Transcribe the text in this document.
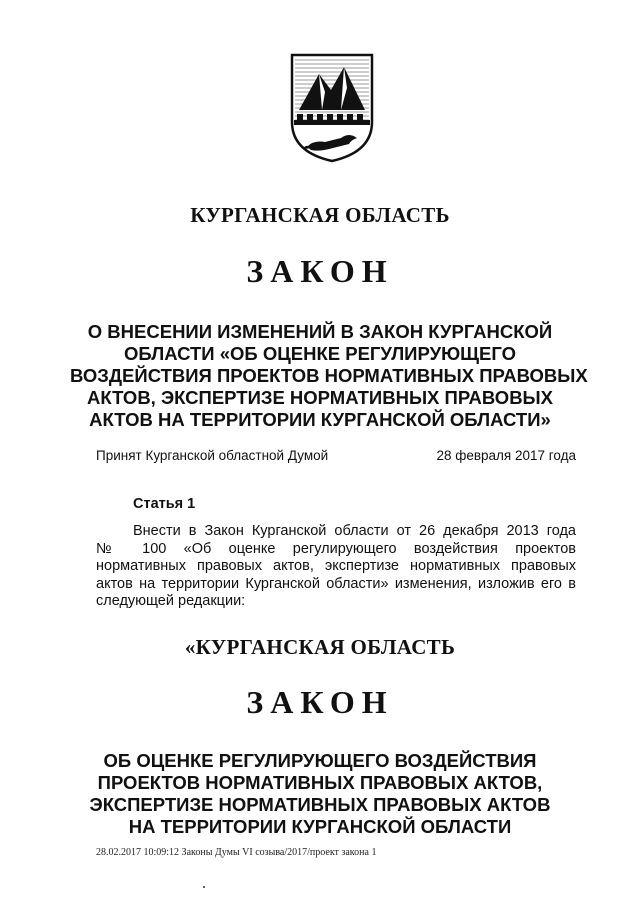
КУРГАНСКАЯ ОБЛАСТЬ
ЗАКОН
О ВНЕСЕНИИ ИЗМЕНЕНИЙ В ЗАКОН КУРГАНСКОЙ
ОБЛАСТИ «ОБ ОЦЕНКЕ РЕГУЛИРУЮЩЕГО
ВОЗДЕЙСТВИЯ ПРОЕКТОВ НОРМАТИВНЫХ ПРАВОВЫХ
АКТОВ, ЭКСПЕРТИЗЕ НОРМАТИВНЫХ ПРАВОВЫХ
АКТОВ НА ТЕРРИТОРИИ КУРГАНСКОЙ ОБЛАСТИ»
Принят Курганской областной Думой	28 февраля 2017 года
Статья 1
Внести в Закон Курганской области от 26 декабря 2013 года
№ 100 «Об оценке регулирующего воздействия проектов
нормативных правовых актов, экспертизе нормативных правовых
актов на территории Курганской области» изменения, изложив его в
следующей редакции:
«КУРГАНСКАЯ ОБЛАСТЬ
ЗАКОН
ОБ ОЦЕНКЕ РЕГУЛИРУЮЩЕГО ВОЗДЕЙСТВИЯ
ПРОЕКТОВ НОРМАТИВНЫХ ПРАВОВЫХ АКТОВ,
ЭКСПЕРТИЗЕ НОРМАТИВНЫХ ПРАВОВЫХ АКТОВ
НА ТЕРРИТОРИИ КУРГАНСКОЙ ОБЛАСТИ
28.02.2017 10:09:12 Законы Думы VI созыва/2017/проект закона 1
